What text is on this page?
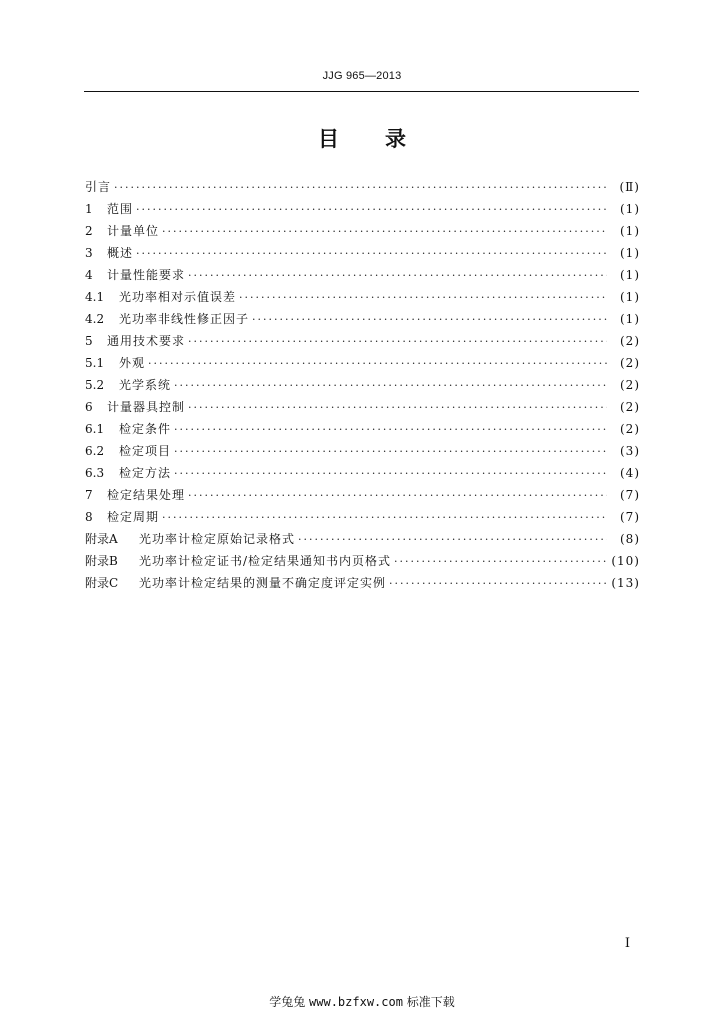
JJG 965—2013
目录
引言 ·····	(Ⅱ)
1	范围 ·····	(1)
2	计量单位 ·····	(1)
3	概述 ·····	(1)
4	计量性能要求 ·····	(1)
4.1	光功率相对示值误差 ·····	(1)
4.2	光功率非线性修正因子 ·····	(1)
5	通用技术要求 ·····	(2)
5.1	外观 ·····	(2)
5.2	光学系统 ·····	(2)
6	计量器具控制 ·····	(2)
6.1	检定条件 ·····	(2)
6.2	检定项目 ·····	(3)
6.3	检定方法 ·····	(4)
7	检定结果处理 ·····	(7)
8	检定周期 ·····	(7)
附录A	光功率计检定原始记录格式 ·····	(8)
附录B	光功率计检定证书/检定结果通知书内页格式 ·····	(10)
附录C	光功率计检定结果的测量不确定度评定实例 ·····	(13)
I
学兔兔 www.bzfxw.com 标准下载
